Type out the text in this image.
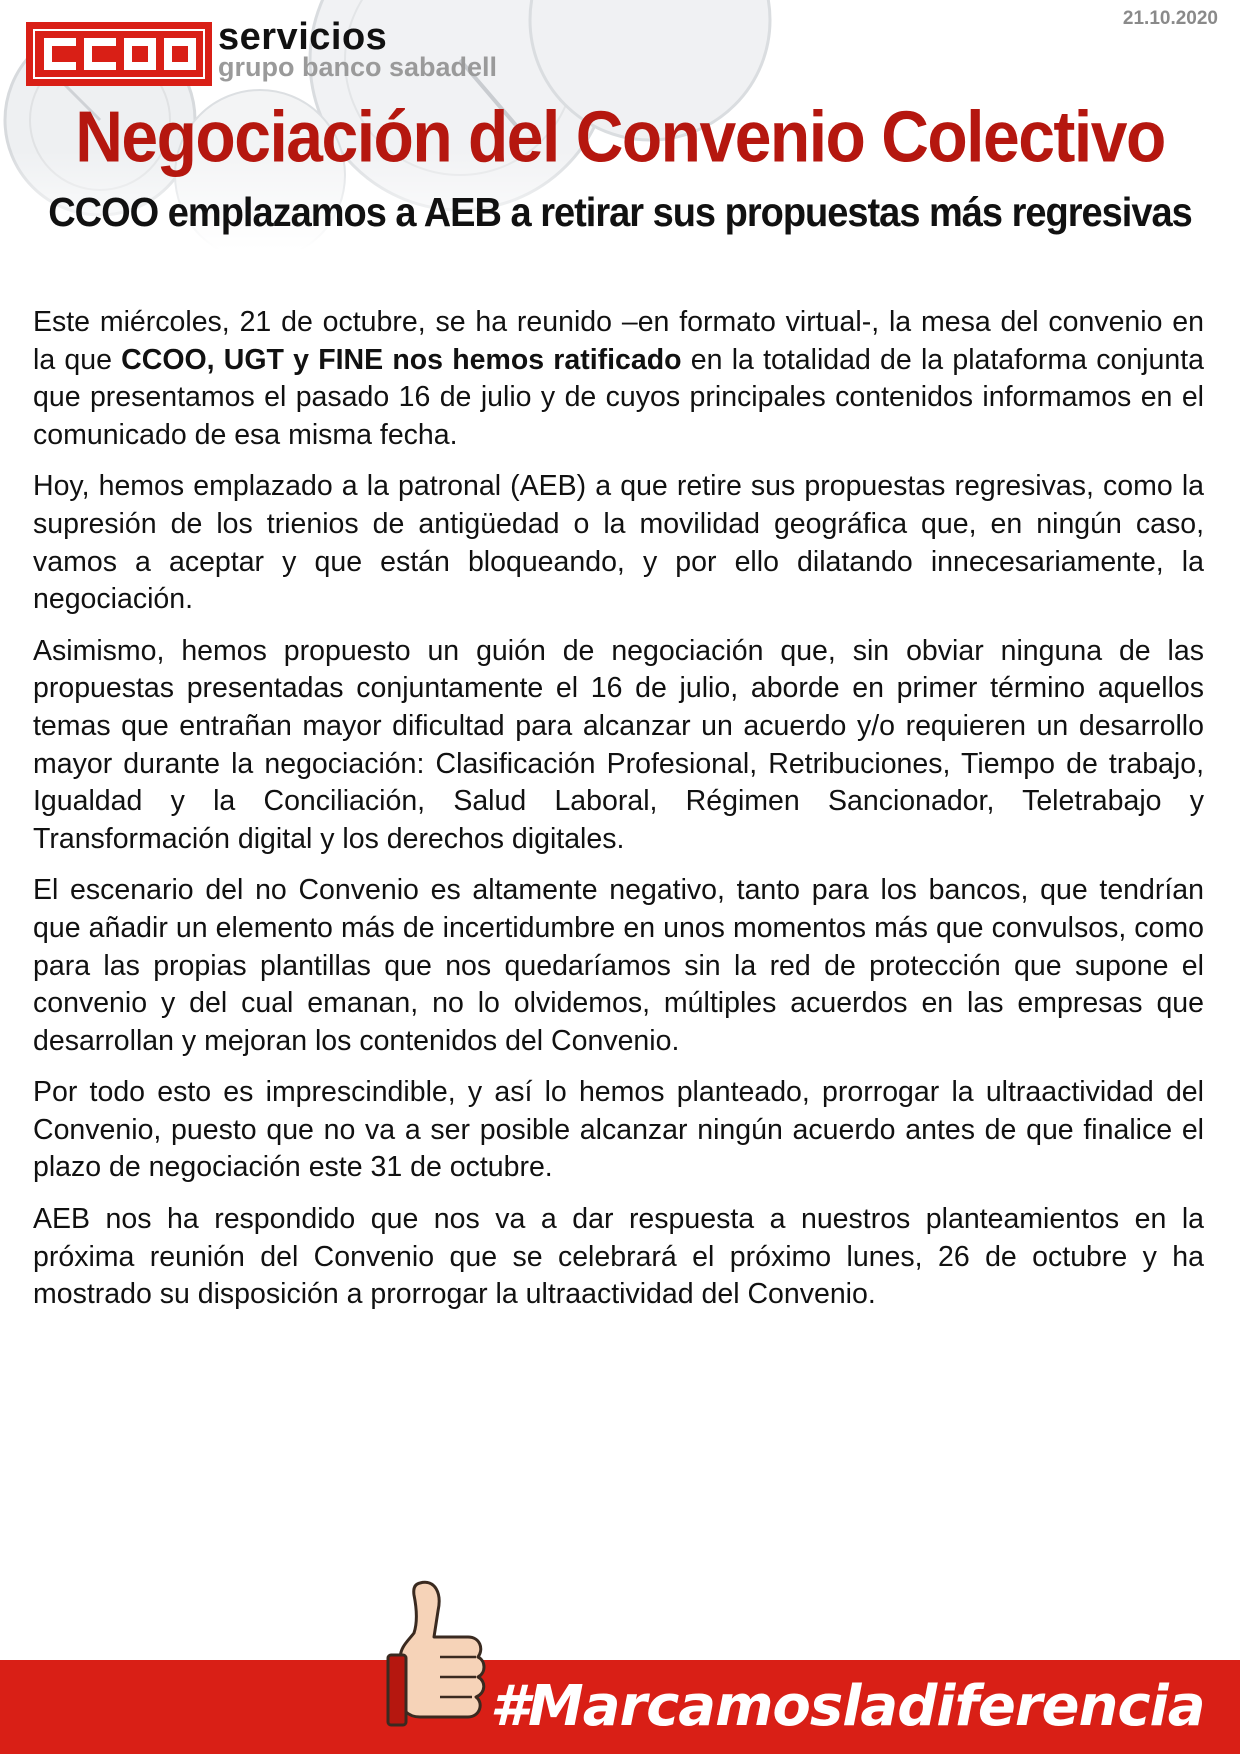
21.10.2020
servicios
grupo banco sabadell
Negociación del Convenio Colectivo
CCOO emplazamos a AEB a retirar sus propuestas más regresivas

Este miércoles, 21 de octubre, se ha reunido –en formato virtual-, la mesa del convenio en la que CCOO, UGT y FINE nos hemos ratificado en la totalidad de la plataforma conjunta que presentamos el pasado 16 de julio y de cuyos principales contenidos informamos en el comunicado de esa misma fecha.

Hoy, hemos emplazado a la patronal (AEB) a que retire sus propuestas regresivas, como la supresión de los trienios de antigüedad o la movilidad geográfica que, en ningún caso, vamos a aceptar y que están bloqueando, y por ello dilatando innecesariamente, la negociación.

Asimismo, hemos propuesto un guión de negociación que, sin obviar ninguna de las propuestas presentadas conjuntamente el 16 de julio, aborde en primer término aquellos temas que entrañan mayor dificultad para alcanzar un acuerdo y/o requieren un desarrollo mayor durante la negociación: Clasificación Profesional, Retribuciones, Tiempo de trabajo, Igualdad y la Conciliación, Salud Laboral, Régimen Sancionador, Teletrabajo y Transformación digital y los derechos digitales.

El escenario del no Convenio es altamente negativo, tanto para los bancos, que tendrían que añadir un elemento más de incertidumbre en unos momentos más que convulsos, como para las propias plantillas que nos quedaríamos sin la red de protección que supone el convenio y del cual emanan, no lo olvidemos, múltiples acuerdos en las empresas que desarrollan y mejoran los contenidos del Convenio.

Por todo esto es imprescindible, y así lo hemos planteado, prorrogar la ultraactividad del Convenio, puesto que no va a ser posible alcanzar ningún acuerdo antes de que finalice el plazo de negociación este 31 de octubre.

AEB nos ha respondido que nos va a dar respuesta a nuestros planteamientos en la próxima reunión del Convenio que se celebrará el próximo lunes, 26 de octubre y ha mostrado su disposición a prorrogar la ultraactividad del Convenio.

#Marcamosladiferencia
